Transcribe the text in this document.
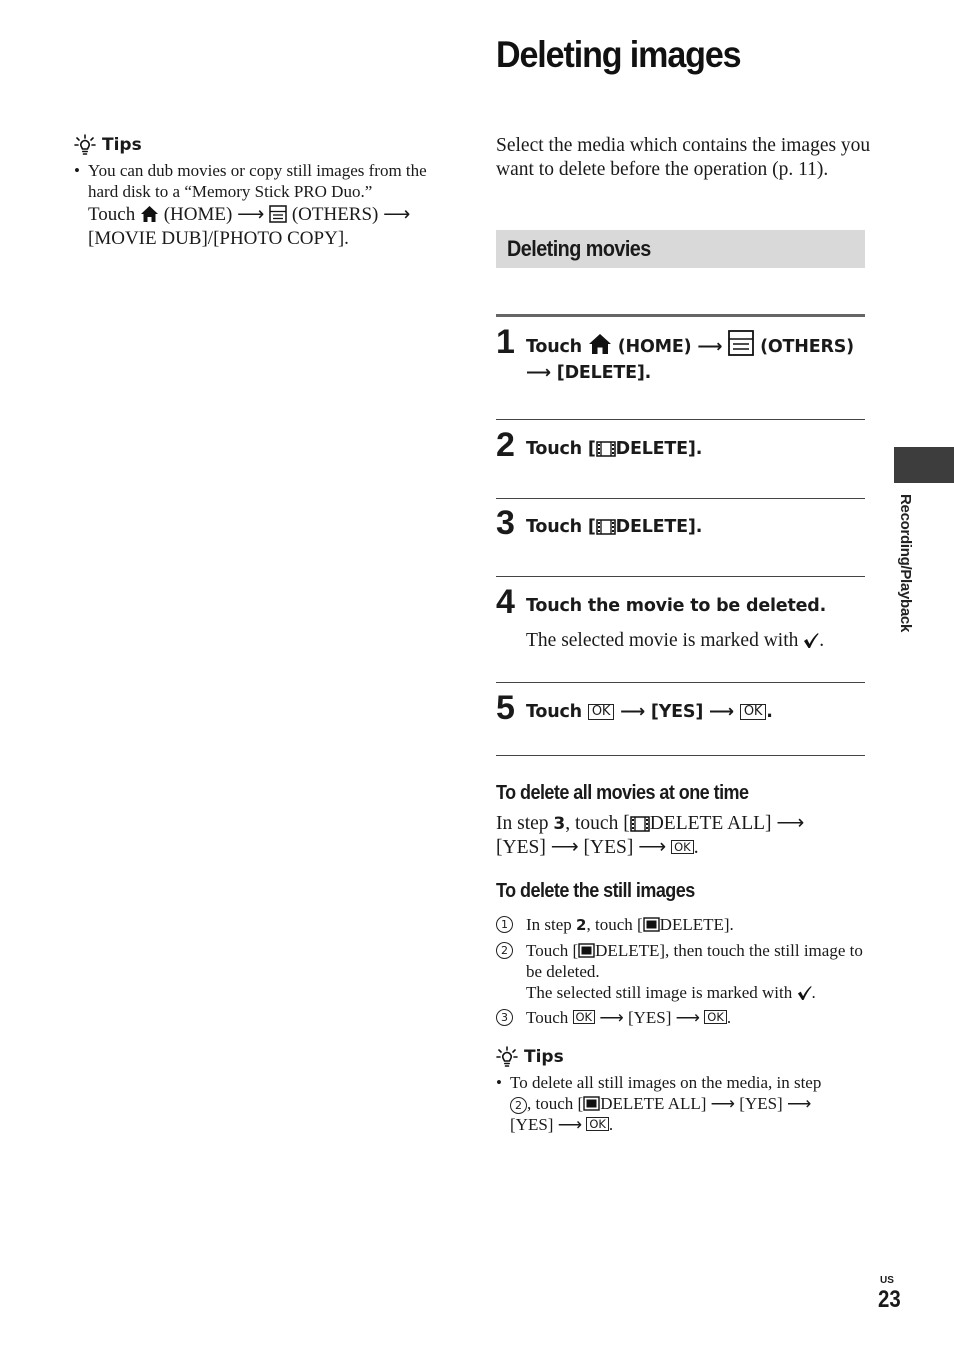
Deleting images
Tips
• You can dub movies or copy still images from the hard disk to a “Memory Stick PRO Duo.”
Touch (HOME) ⟶ (OTHERS) ⟶ [MOVIE DUB]/[PHOTO COPY].
Select the media which contains the images you want to delete before the operation (p. 11).
Deleting movies
1 Touch (HOME) ⟶ (OTHERS)
⟶ [DELETE].
2 Touch [ DELETE].
3 Touch [ DELETE].
4 Touch the movie to be deleted.
The selected movie is marked with .
5 Touch OK ⟶ [YES] ⟶ OK .
To delete all movies at one time
In step 3, touch [ DELETE ALL] ⟶
[YES] ⟶ [YES] ⟶ OK .
To delete the still images
1 In step 2, touch [ DELETE].
2 Touch [ DELETE], then touch the still image to be deleted.
The selected still image is marked with .
3 Touch OK ⟶ [YES] ⟶ OK .
Tips
• To delete all still images on the media, in step
2 , touch [ DELETE ALL] ⟶ [YES] ⟶
[YES] ⟶ OK .
Recording/Playback
US
23
